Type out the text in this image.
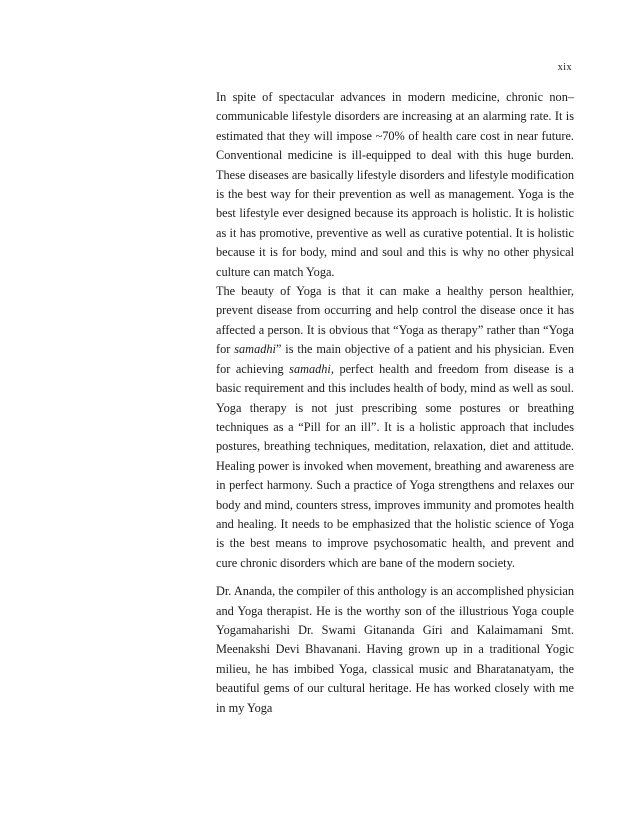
xix

In spite of spectacular advances in modern medicine, chronic non–communicable lifestyle disorders are increasing at an alarming rate. It is estimated that they will impose ~70% of health care cost in near future. Conventional medicine is ill-equipped to deal with this huge burden. These diseases are basically lifestyle disorders and lifestyle modification is the best way for their prevention as well as management. Yoga is the best lifestyle ever designed because its approach is holistic. It is holistic as it has promotive, preventive as well as curative potential. It is holistic because it is for body, mind and soul and this is why no other physical culture can match Yoga.

The beauty of Yoga is that it can make a healthy person healthier, prevent disease from occurring and help control the disease once it has affected a person. It is obvious that “Yoga as therapy” rather than “Yoga for samadhi” is the main objective of a patient and his physician. Even for achieving samadhi, perfect health and freedom from disease is a basic requirement and this includes health of body, mind as well as soul. Yoga therapy is not just prescribing some postures or breathing techniques as a “Pill for an ill”. It is a holistic approach that includes postures, breathing techniques, meditation, relaxation, diet and attitude. Healing power is invoked when movement, breathing and awareness are in perfect harmony. Such a practice of Yoga strengthens and relaxes our body and mind, counters stress, improves immunity and promotes health and healing. It needs to be emphasized that the holistic science of Yoga is the best means to improve psychosomatic health, and prevent and cure chronic disorders which are bane of the modern society.

Dr. Ananda, the compiler of this anthology is an accomplished physician and Yoga therapist. He is the worthy son of the illustrious Yoga couple Yogamaharishi Dr. Swami Gitananda Giri and Kalaimamani Smt. Meenakshi Devi Bhavanani. Having grown up in a traditional Yogic milieu, he has imbibed Yoga, classical music and Bharatanatyam, the beautiful gems of our cultural heritage. He has worked closely with me in my Yoga
